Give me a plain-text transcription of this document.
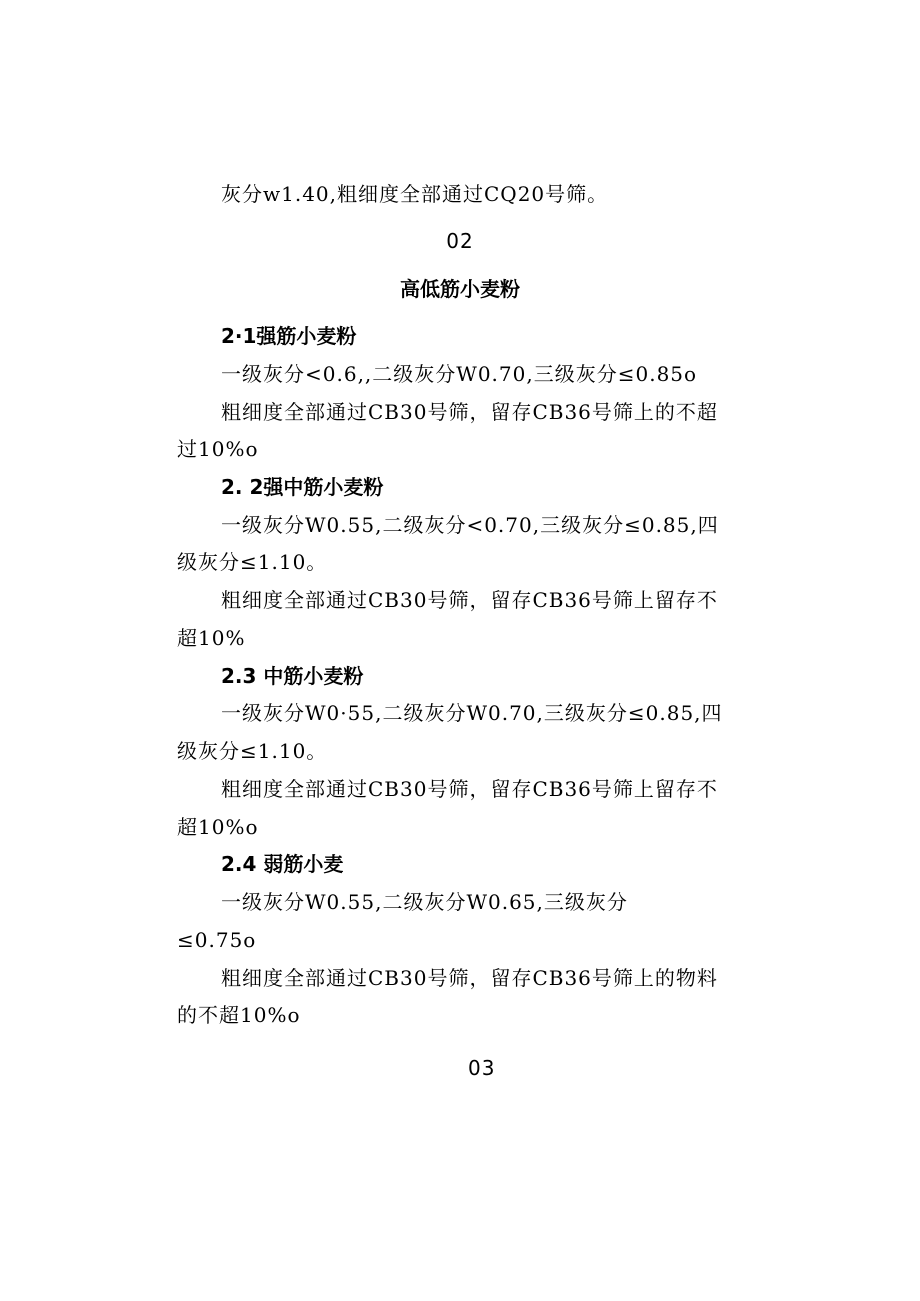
灰分w1.40,粗细度全部通过CQ20号筛。
02
高低筋小麦粉
2·1强筋小麦粉
一级灰分<0.6,,二级灰分W0.70,三级灰分≤0.85o
粗细度全部通过CB30号筛，留存CB36号筛上的不超
过10%o
2. 2强中筋小麦粉
一级灰分W0.55,二级灰分<0.70,三级灰分≤0.85,四
级灰分≤1.10。
粗细度全部通过CB30号筛，留存CB36号筛上留存不
超10%
2.3 中筋小麦粉
一级灰分W0·55,二级灰分W0.70,三级灰分≤0.85,四
级灰分≤1.10。
粗细度全部通过CB30号筛，留存CB36号筛上留存不
超10%o
2.4 弱筋小麦
一级灰分W0.55,二级灰分W0.65,三级灰分
≤0.75o
粗细度全部通过CB30号筛，留存CB36号筛上的物料
的不超10%o
03
